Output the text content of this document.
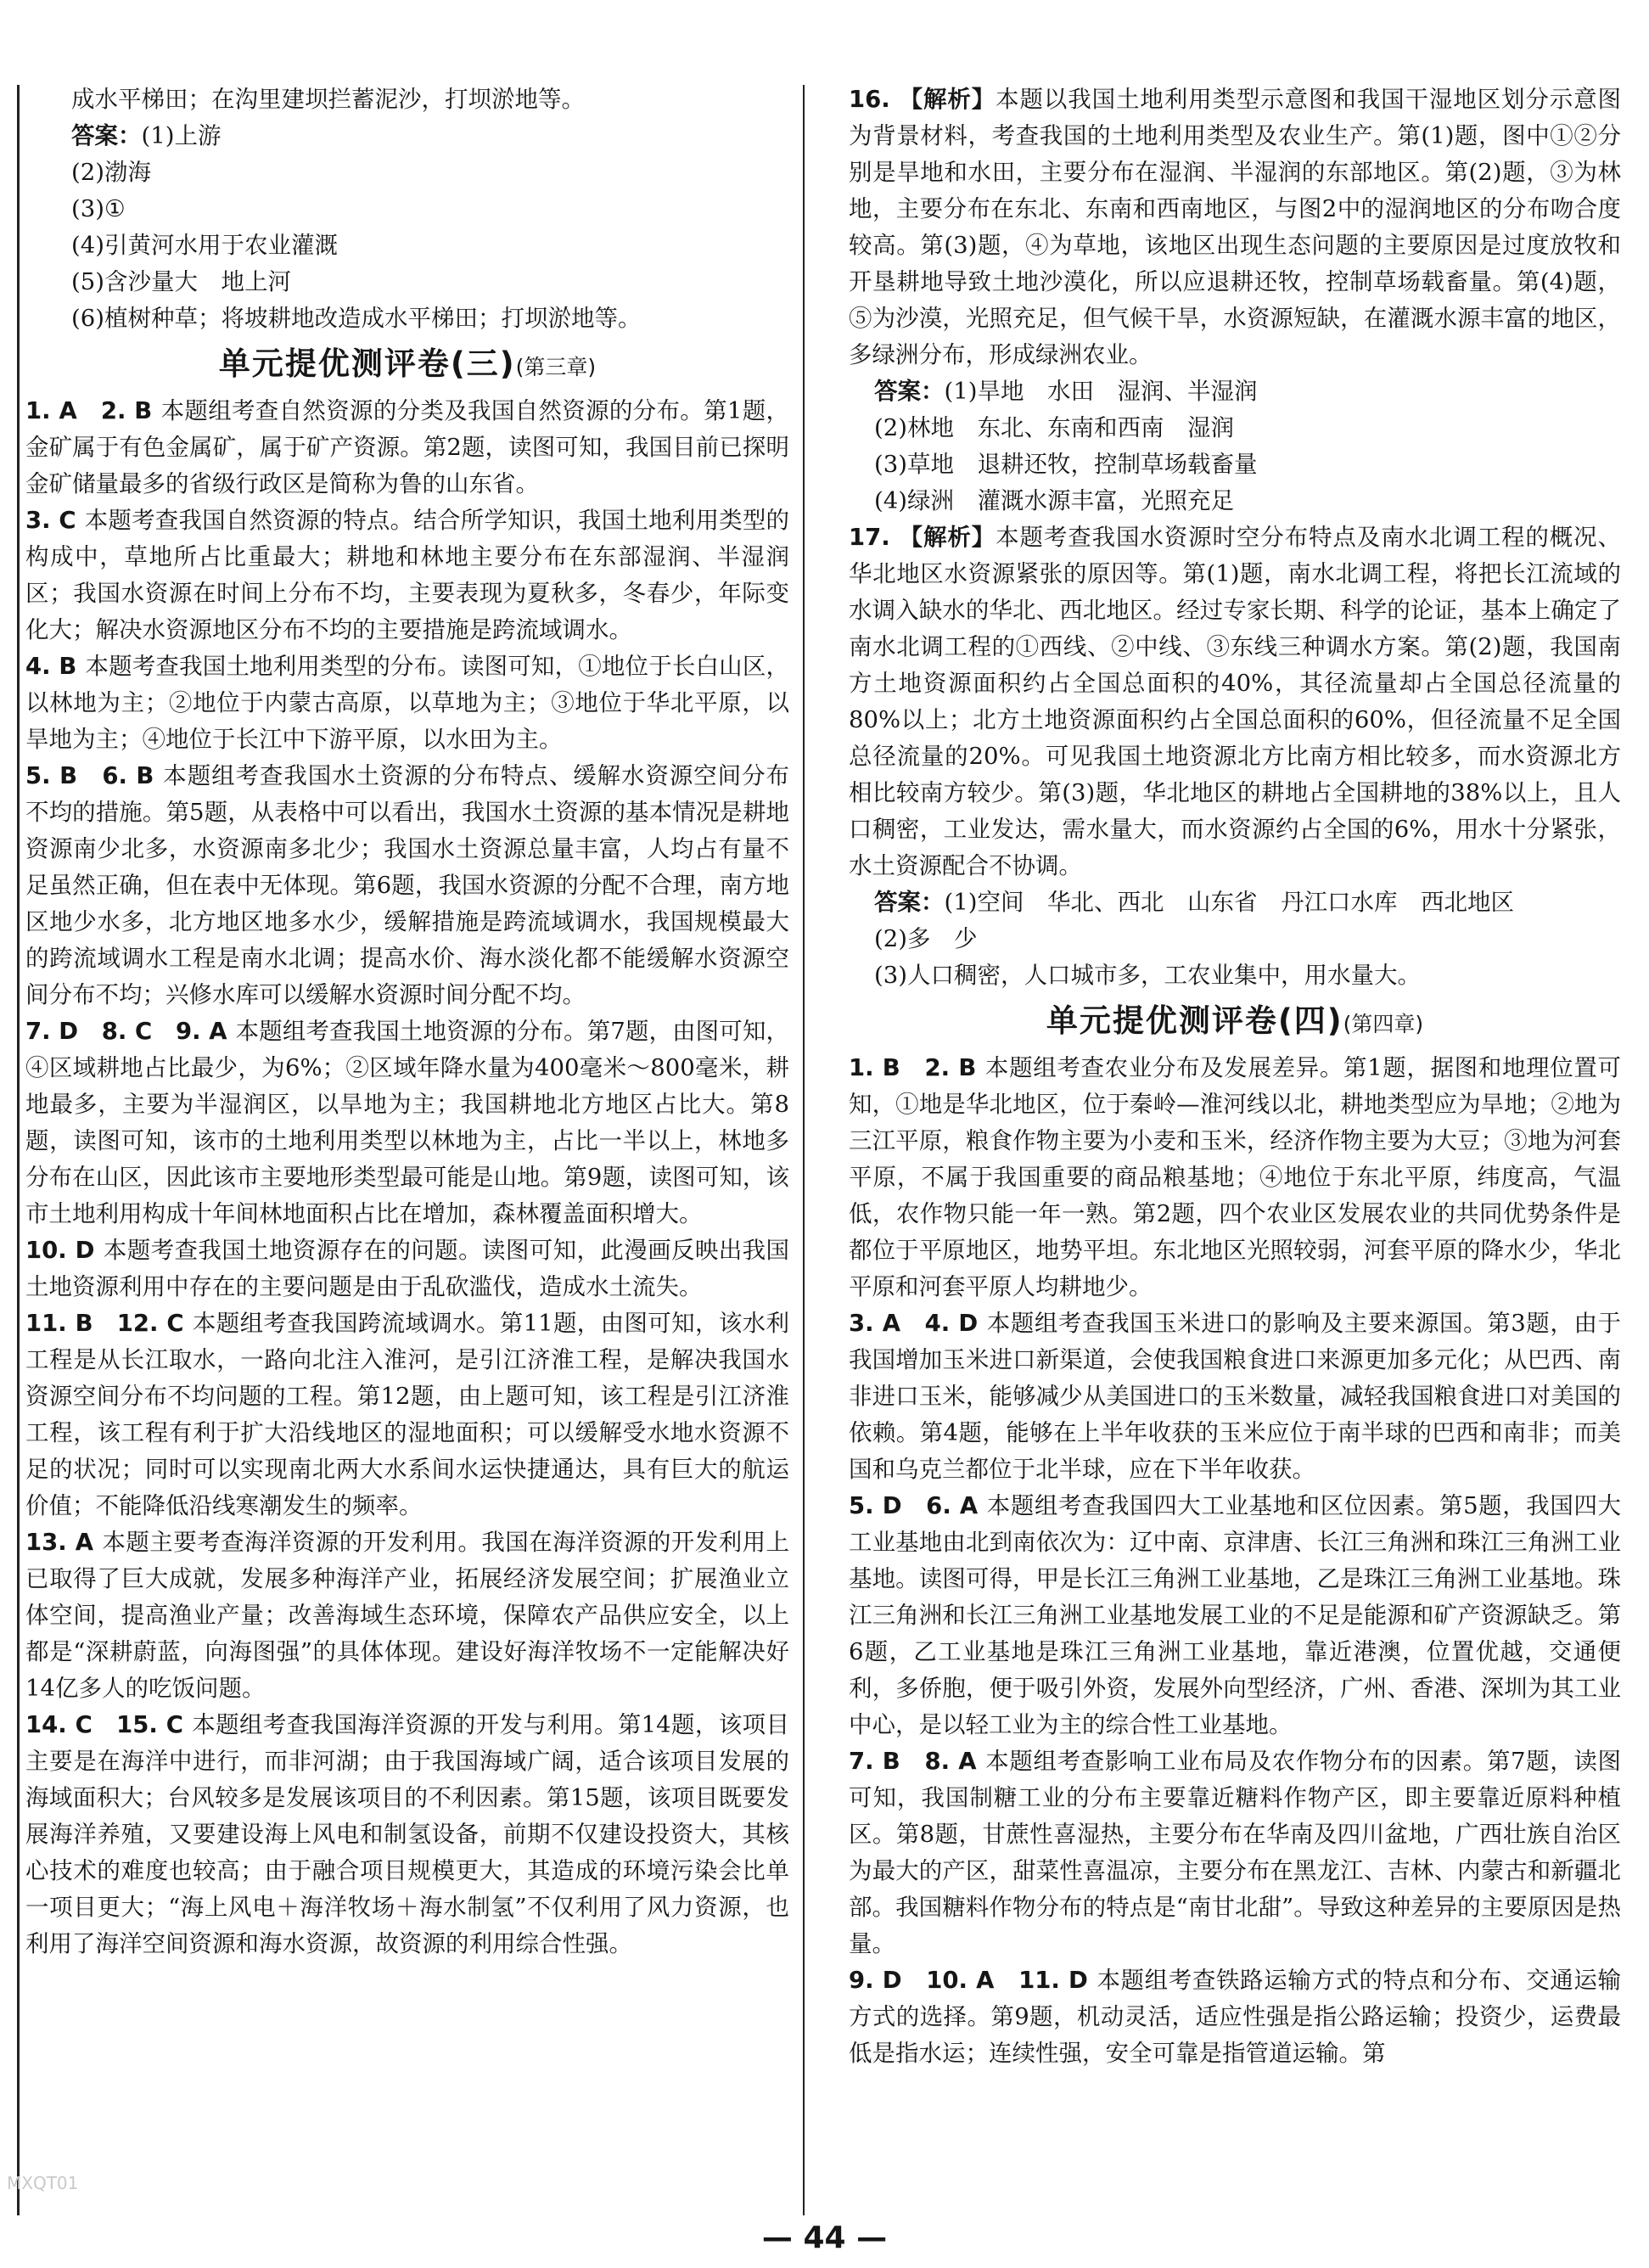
成水平梯田；在沟里建坝拦蓄泥沙，打坝淤地等。

答案：(1)上游

(2)渤海

(3)①

(4)引黄河水用于农业灌溉

(5)含沙量大　地上河

(6)植树种草；将坡耕地改造成水平梯田；打坝淤地等。

单元提优测评卷(三)(第三章)
1. A　2. B 本题组考查自然资源的分类及我国自然资源的分布。第1题，金矿属于有色金属矿，属于矿产资源。第2题，读图可知，我国目前已探明金矿储量最多的省级行政区是简称为鲁的山东省。
3. C 本题考查我国自然资源的特点。结合所学知识，我国土地利用类型的构成中，草地所占比重最大；耕地和林地主要分布在东部湿润、半湿润区；我国水资源在时间上分布不均，主要表现为夏秋多，冬春少，年际变化大；解决水资源地区分布不均的主要措施是跨流域调水。
4. B 本题考查我国土地利用类型的分布。读图可知，①地位于长白山区，以林地为主；②地位于内蒙古高原，以草地为主；③地位于华北平原，以旱地为主；④地位于长江中下游平原，以水田为主。
5. B　6. B 本题组考查我国水土资源的分布特点、缓解水资源空间分布不均的措施。第5题，从表格中可以看出，我国水土资源的基本情况是耕地资源南少北多，水资源南多北少；我国水土资源总量丰富，人均占有量不足虽然正确，但在表中无体现。第6题，我国水资源的分配不合理，南方地区地少水多，北方地区地多水少，缓解措施是跨流域调水，我国规模最大的跨流域调水工程是南水北调；提高水价、海水淡化都不能缓解水资源空间分布不均；兴修水库可以缓解水资源时间分配不均。
7. D　8. C　9. A 本题组考查我国土地资源的分布。第7题，由图可知，④区域耕地占比最少，为6%；②区域年降水量为400毫米～800毫米，耕地最多，主要为半湿润区，以旱地为主；我国耕地北方地区占比大。第8题，读图可知，该市的土地利用类型以林地为主，占比一半以上，林地多分布在山区，因此该市主要地形类型最可能是山地。第9题，读图可知，该市土地利用构成十年间林地面积占比在增加，森林覆盖面积增大。
10. D 本题考查我国土地资源存在的问题。读图可知，此漫画反映出我国土地资源利用中存在的主要问题是由于乱砍滥伐，造成水土流失。
11. B　12. C 本题组考查我国跨流域调水。第11题，由图可知，该水利工程是从长江取水，一路向北注入淮河，是引江济淮工程，是解决我国水资源空间分布不均问题的工程。第12题，由上题可知，该工程是引江济淮工程，该工程有利于扩大沿线地区的湿地面积；可以缓解受水地水资源不足的状况；同时可以实现南北两大水系间水运快捷通达，具有巨大的航运价值；不能降低沿线寒潮发生的频率。
13. A 本题主要考查海洋资源的开发利用。我国在海洋资源的开发利用上已取得了巨大成就，发展多种海洋产业，拓展经济发展空间；扩展渔业立体空间，提高渔业产量；改善海域生态环境，保障农产品供应安全，以上都是“深耕蔚蓝，向海图强”的具体体现。建设好海洋牧场不一定能解决好14亿多人的吃饭问题。
14. C　15. C 本题组考查我国海洋资源的开发与利用。第14题，该项目主要是在海洋中进行，而非河湖；由于我国海域广阔，适合该项目发展的海域面积大；台风较多是发展该项目的不利因素。第15题，该项目既要发展海洋养殖，又要建设海上风电和制氢设备，前期不仅建设投资大，其核心技术的难度也较高；由于融合项目规模更大，其造成的环境污染会比单一项目更大；“海上风电＋海洋牧场＋海水制氢”不仅利用了风力资源，也利用了海洋空间资源和海水资源，故资源的利用综合性强。
16. 【解析】本题以我国土地利用类型示意图和我国干湿地区划分示意图为背景材料，考查我国的土地利用类型及农业生产。第(1)题，图中①②分别是旱地和水田，主要分布在湿润、半湿润的东部地区。第(2)题，③为林地，主要分布在东北、东南和西南地区，与图2中的湿润地区的分布吻合度较高。第(3)题，④为草地，该地区出现生态问题的主要原因是过度放牧和开垦耕地导致土地沙漠化，所以应退耕还牧，控制草场载畜量。第(4)题，⑤为沙漠，光照充足，但气候干旱，水资源短缺，在灌溉水源丰富的地区，多绿洲分布，形成绿洲农业。

答案：(1)旱地　水田　湿润、半湿润

(2)林地　东北、东南和西南　湿润

(3)草地　退耕还牧，控制草场载畜量

(4)绿洲　灌溉水源丰富，光照充足

17. 【解析】本题考查我国水资源时空分布特点及南水北调工程的概况、华北地区水资源紧张的原因等。第(1)题，南水北调工程，将把长江流域的水调入缺水的华北、西北地区。经过专家长期、科学的论证，基本上确定了南水北调工程的①西线、②中线、③东线三种调水方案。第(2)题，我国南方土地资源面积约占全国总面积的40%，其径流量却占全国总径流量的80%以上；北方土地资源面积约占全国总面积的60%，但径流量不足全国总径流量的20%。可见我国土地资源北方比南方相比较多，而水资源北方相比较南方较少。第(3)题，华北地区的耕地占全国耕地的38%以上，且人口稠密，工业发达，需水量大，而水资源约占全国的6%，用水十分紧张，水土资源配合不协调。

答案：(1)空间　华北、西北　山东省　丹江口水库　西北地区

(2)多　少

(3)人口稠密，人口城市多，工农业集中，用水量大。

单元提优测评卷(四)(第四章)
1. B　2. B 本题组考查农业分布及发展差异。第1题，据图和地理位置可知，①地是华北地区，位于秦岭—淮河线以北，耕地类型应为旱地；②地为三江平原，粮食作物主要为小麦和玉米，经济作物主要为大豆；③地为河套平原，不属于我国重要的商品粮基地；④地位于东北平原，纬度高，气温低，农作物只能一年一熟。第2题，四个农业区发展农业的共同优势条件是都位于平原地区，地势平坦。东北地区光照较弱，河套平原的降水少，华北平原和河套平原人均耕地少。
3. A　4. D 本题组考查我国玉米进口的影响及主要来源国。第3题，由于我国增加玉米进口新渠道，会使我国粮食进口来源更加多元化；从巴西、南非进口玉米，能够减少从美国进口的玉米数量，减轻我国粮食进口对美国的依赖。第4题，能够在上半年收获的玉米应位于南半球的巴西和南非；而美国和乌克兰都位于北半球，应在下半年收获。
5. D　6. A 本题组考查我国四大工业基地和区位因素。第5题，我国四大工业基地由北到南依次为：辽中南、京津唐、长江三角洲和珠江三角洲工业基地。读图可得，甲是长江三角洲工业基地，乙是珠江三角洲工业基地。珠江三角洲和长江三角洲工业基地发展工业的不足是能源和矿产资源缺乏。第6题，乙工业基地是珠江三角洲工业基地，靠近港澳，位置优越，交通便利，多侨胞，便于吸引外资，发展外向型经济，广州、香港、深圳为其工业中心，是以轻工业为主的综合性工业基地。
7. B　8. A 本题组考查影响工业布局及农作物分布的因素。第7题，读图可知，我国制糖工业的分布主要靠近糖料作物产区，即主要靠近原料种植区。第8题，甘蔗性喜湿热，主要分布在华南及四川盆地，广西壮族自治区为最大的产区，甜菜性喜温凉，主要分布在黑龙江、吉林、内蒙古和新疆北部。我国糖料作物分布的特点是“南甘北甜”。导致这种差异的主要原因是热量。
9. D　10. A　11. D 本题组考查铁路运输方式的特点和分布、交通运输方式的选择。第9题，机动灵活，适应性强是指公路运输；投资少，运费最低是指水运；连续性强，安全可靠是指管道运输。第
MXQT01
— 44 —
